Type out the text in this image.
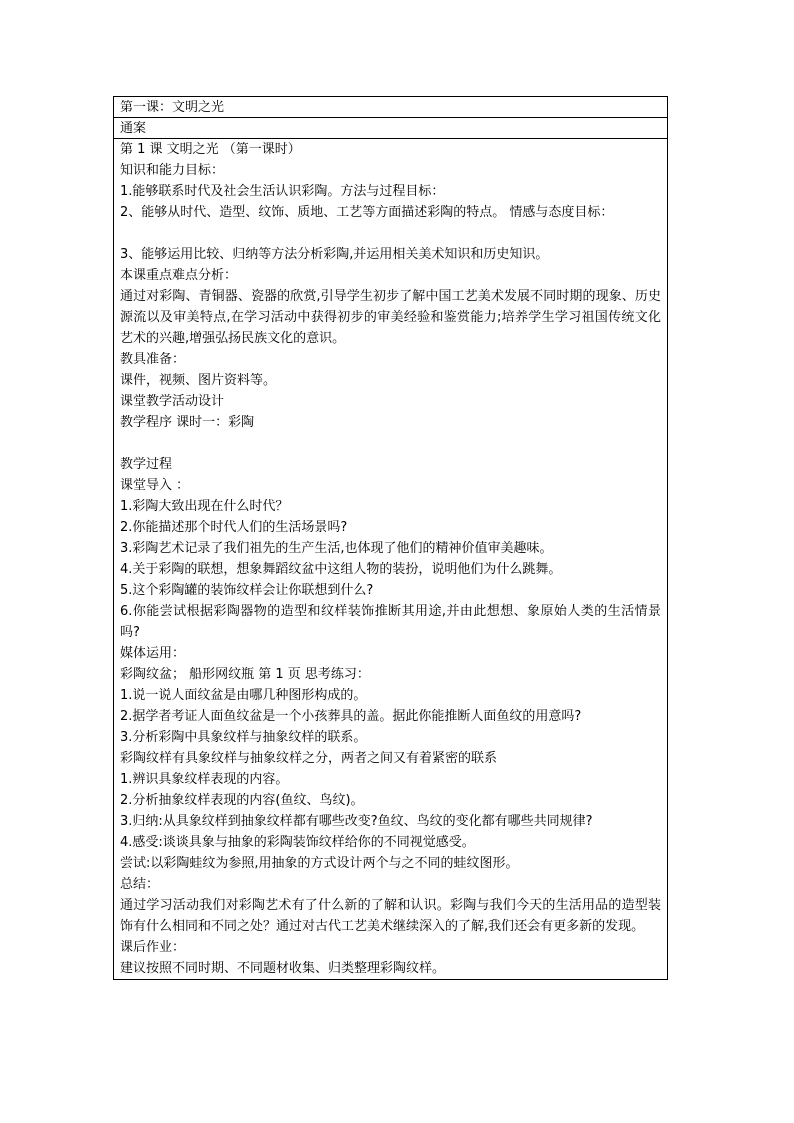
第一课：文明之光
通案
第 1 课 文明之光 （第一课时）
知识和能力目标：
1.能够联系时代及社会生活认识彩陶。方法与过程目标：
2、能够从时代、造型、纹饰、质地、工艺等方面描述彩陶的特点。 情感与态度目标：
3、能够运用比较、归纳等方法分析彩陶,并运用相关美术知识和历史知识。
本课重点难点分析：
通过对彩陶、青铜器、瓷器的欣赏,引导学生初步了解中国工艺美术发展不同时期的现象、历史源流以及审美特点,在学习活动中获得初步的审美经验和鉴赏能力;培养学生学习祖国传统文化艺术的兴趣,增强弘扬民族文化的意识。
教具准备：
课件，视频、图片资料等。
课堂教学活动设计
教学程序 课时一：彩陶
教学过程
课堂导入 ：
1.彩陶大致出现在什么时代？
2.你能描述那个时代人们的生活场景吗?
3.彩陶艺术记录了我们祖先的生产生活,也体现了他们的精神价值审美趣味。
4.关于彩陶的联想，想象舞蹈纹盆中这组人物的装扮，说明他们为什么跳舞。
5.这个彩陶罐的装饰纹样会让你联想到什么?
6.你能尝试根据彩陶器物的造型和纹样装饰推断其用途,并由此想想、象原始人类的生活情景吗?
媒体运用：
彩陶纹盆； 船形网纹瓶 第 1 页 思考练习：
1.说一说人面纹盆是由哪几种图形构成的。
2.据学者考证人面鱼纹盆是一个小孩葬具的盖。据此你能推断人面鱼纹的用意吗?
3.分析彩陶中具象纹样与抽象纹样的联系。
彩陶纹样有具象纹样与抽象纹样之分，两者之间又有着紧密的联系
1.辨识具象纹样表现的内容。
2.分析抽象纹样表现的内容(鱼纹、鸟纹)。
3.归纳:从具象纹样到抽象纹样都有哪些改变?鱼纹、鸟纹的变化都有哪些共同规律?
4.感受:谈谈具象与抽象的彩陶装饰纹样给你的不同视觉感受。
尝试:以彩陶蛙纹为参照,用抽象的方式设计两个与之不同的蛙纹图形。
总结：
通过学习活动我们对彩陶艺术有了什么新的了解和认识。彩陶与我们今天的生活用品的造型装饰有什么相同和不同之处？通过对古代工艺美术继续深入的了解,我们还会有更多新的发现。
课后作业：
建议按照不同时期、不同题材收集、归类整理彩陶纹样。
